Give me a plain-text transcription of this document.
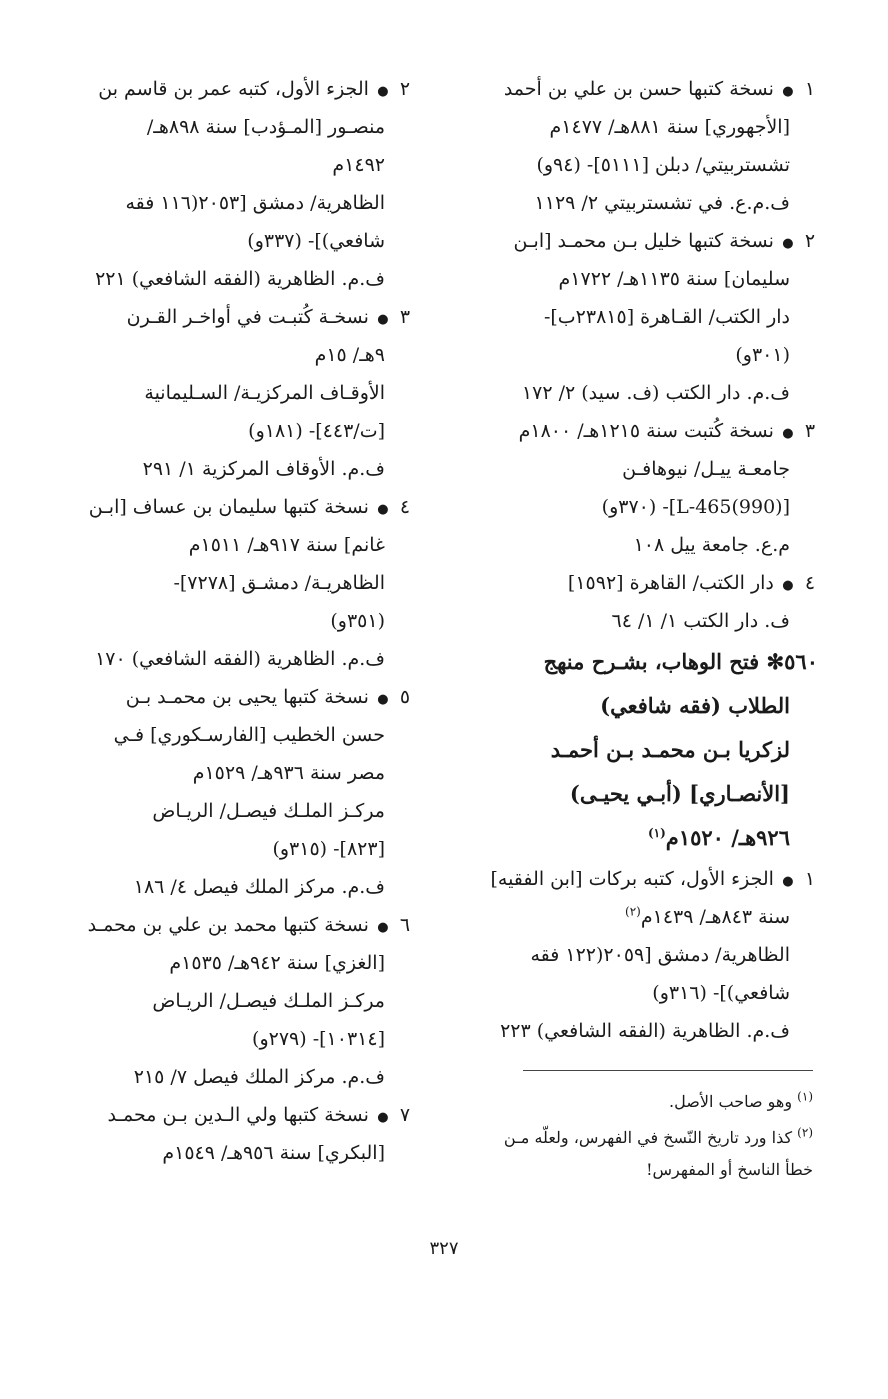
١ ● نسخة كتبها حسن بن علي بن أحمد
[الأجهوري] سنة ٨٨١هـ/ ١٤٧٧م
تشستربيتي/ دبلن [٥١١١]- (٩٤و)
ف.م.ع. في تشستربيتي ٢/ ١١٢٩
٢ ● نسخة كتبها خليل بـن محمـد [ابـن
سليمان] سنة ١١٣٥هـ/ ١٧٢٢م
دار الكتب/ القـاهرة [٢٣٨١٥ب]-
(٣٠١و)
ف.م. دار الكتب (ف. سيد) ٢/ ١٧٢
٣ ● نسخة كُتبت سنة ١٢١٥هـ/ ١٨٠٠م
جامعـة ييـل/ نيوهافـن
[L-465(990)]- (٣٧٠و)
م.ع. جامعة ييل ١٠٨
٤ ● دار الكتب/ القاهرة [١٥٩٢]
ف. دار الكتب ١/ ١/ ٦٤
٥٦٠✻ فتح الوهاب، بشـرح منهج
الطلاب (فقه شافعي)
لزكريا بـن محمـد بـن أحمـد
[الأنصـاري] (أبـي يحيـى)
٩٢٦هـ/ ١٥٢٠م$^{(١)}$
١ ● الجزء الأول، كتبه بركات [ابن الفقيه]
سنة ٨٤٣هـ/ ١٤٣٩م$^{(٢)}$
الظاهرية/ دمشق [٢٠٥٩(١٢٢ فقه
شافعي)]- (٣١٦و)
ف.م. الظاهرية (الفقه الشافعي) ٢٢٣
٢ ● الجزء الأول، كتبه عمر بن قاسم بن
منصـور [المـؤدب] سنة ٨٩٨هـ/
١٤٩٢م
الظاهرية/ دمشق [٢٠٥٣(١١٦ فقه
شافعي)]- (٣٣٧و)
ف.م. الظاهرية (الفقه الشافعي) ٢٢١
٣ ● نسخـة كُتبـت في أواخـر القـرن
٩هـ/ ١٥م
الأوقـاف المركزيـة/ السـليمانية
[ت/٤٤٣]- (١٨١و)
ف.م. الأوقاف المركزية ١/ ٢٩١
٤ ● نسخة كتبها سليمان بن عساف [ابـن
غانم] سنة ٩١٧هـ/ ١٥١١م
الظاهريـة/ دمشـق [٧٢٧٨]-
(٣٥١و)
ف.م. الظاهرية (الفقه الشافعي) ١٧٠
٥ ● نسخة كتبها يحيى بن محمـد بـن
حسن الخطيب [الفارسـكوري] فـي
مصر سنة ٩٣٦هـ/ ١٥٢٩م
مركـز الملـك فيصـل/ الريـاض
[٨٢٣]- (٣١٥و)
ف.م. مركز الملك فيصل ٤/ ١٨٦
٦ ● نسخة كتبها محمد بن علي بن محمـد
[الغزي] سنة ٩٤٢هـ/ ١٥٣٥م
مركـز الملـك فيصـل/ الريـاض
[١٠٣١٤]- (٢٧٩و)
ف.م. مركز الملك فيصل ٧/ ٢١٥
٧ ● نسخة كتبها ولي الـدين بـن محمـد
[البكري] سنة ٩٥٦هـ/ ١٥٤٩م
$^{(١)}$ وهو صاحب الأصل.
$^{(٢)}$ كذا ورد تاريخ النّسخ في الفهرس، ولعلّه مـن
خطأ الناسخ أو المفهرس!
٣٢٧
